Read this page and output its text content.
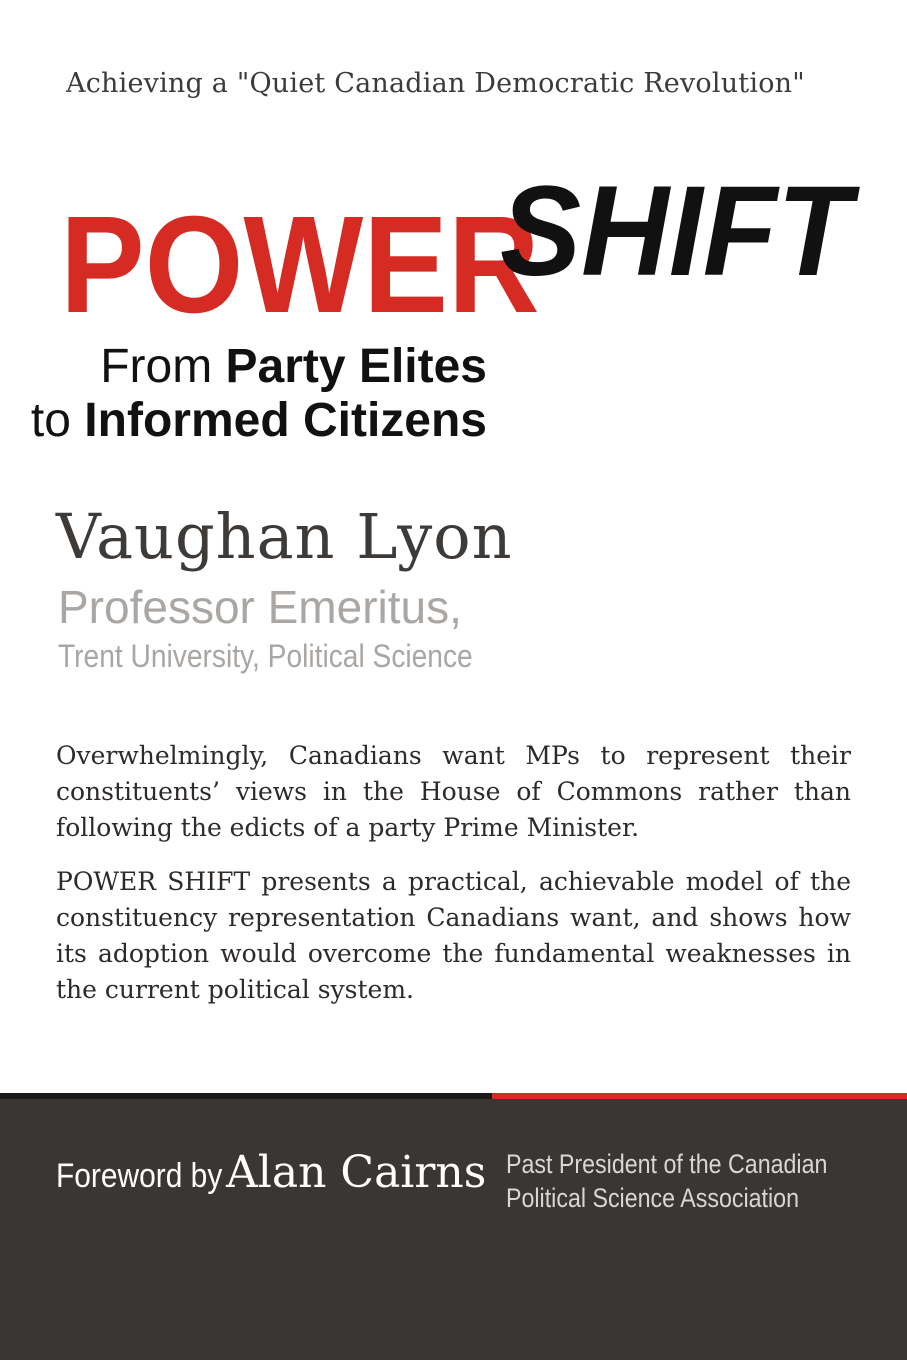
Achieving a "Quiet Canadian Democratic Revolution"
POWER
SHIFT
From Party Elites
to Informed Citizens
Vaughan Lyon
Professor Emeritus,
Trent University, Political Science

Overwhelmingly, Canadians want MPs to represent their constituents’ views in the House of Commons rather than following the edicts of a party Prime Minister.

POWER SHIFT presents a practical, achievable model of the constituency representation Canadians want, and shows how its adoption would overcome the fundamental weaknesses in the current political system.

Foreword by Alan Cairns Past President of the Canadian
Political Science Association
